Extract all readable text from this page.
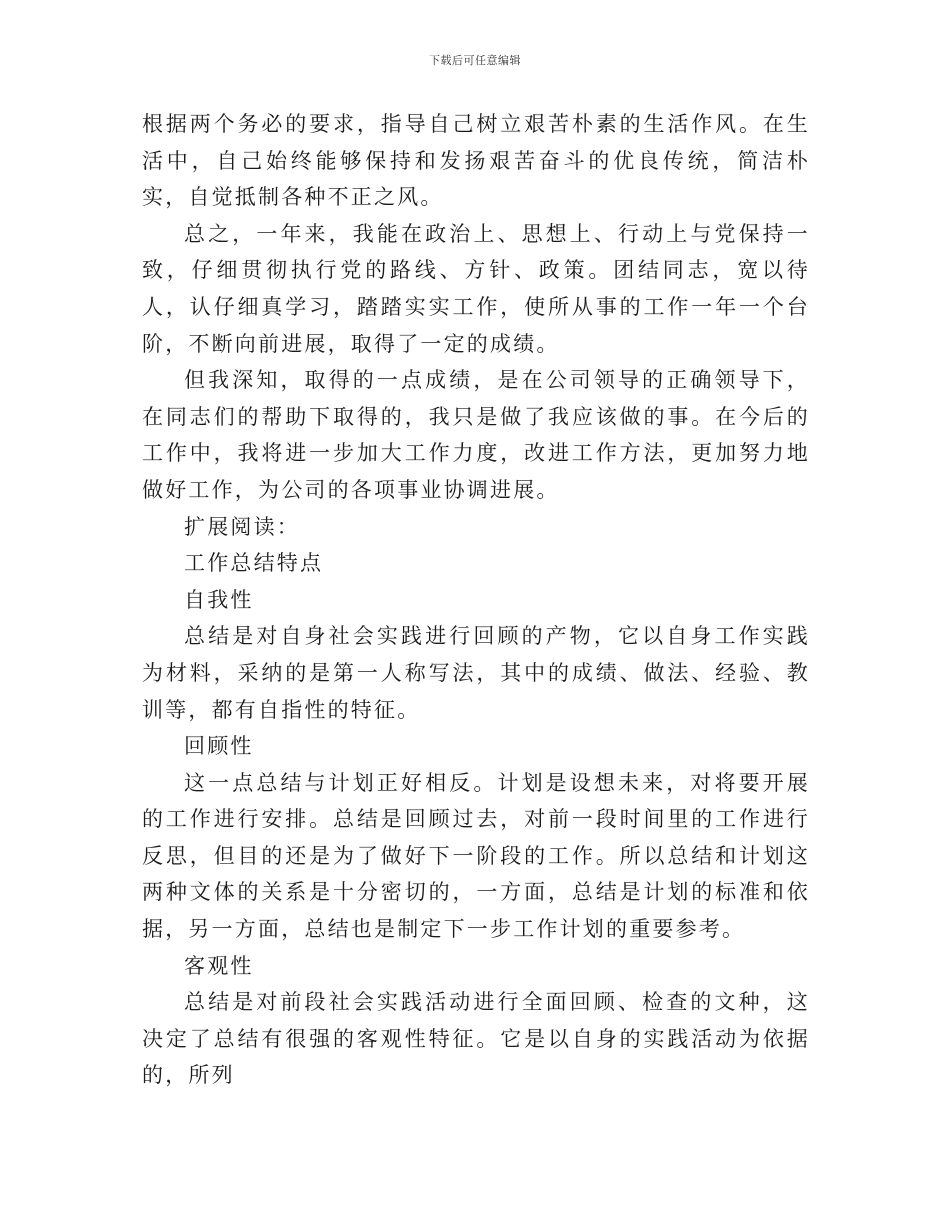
下载后可任意编辑

根据两个务必的要求，指导自己树立艰苦朴素的生活作风。在生活中，自己始终能够保持和发扬艰苦奋斗的优良传统，简洁朴实，自觉抵制各种不正之风。

总之，一年来，我能在政治上、思想上、行动上与党保持一致，仔细贯彻执行党的路线、方针、政策。团结同志，宽以待人，认仔细真学习，踏踏实实工作，使所从事的工作一年一个台阶，不断向前进展，取得了一定的成绩。

但我深知，取得的一点成绩，是在公司领导的正确领导下，在同志们的帮助下取得的，我只是做了我应该做的事。在今后的工作中，我将进一步加大工作力度，改进工作方法，更加努力地做好工作，为公司的各项事业协调进展。

扩展阅读：

工作总结特点

自我性

总结是对自身社会实践进行回顾的产物，它以自身工作实践为材料，采纳的是第一人称写法，其中的成绩、做法、经验、教训等，都有自指性的特征。

回顾性

这一点总结与计划正好相反。计划是设想未来，对将要开展的工作进行安排。总结是回顾过去，对前一段时间里的工作进行反思，但目的还是为了做好下一阶段的工作。所以总结和计划这两种文体的关系是十分密切的，一方面，总结是计划的标准和依据，另一方面，总结也是制定下一步工作计划的重要参考。

客观性

总结是对前段社会实践活动进行全面回顾、检查的文种，这决定了总结有很强的客观性特征。它是以自身的实践活动为依据的，所列
